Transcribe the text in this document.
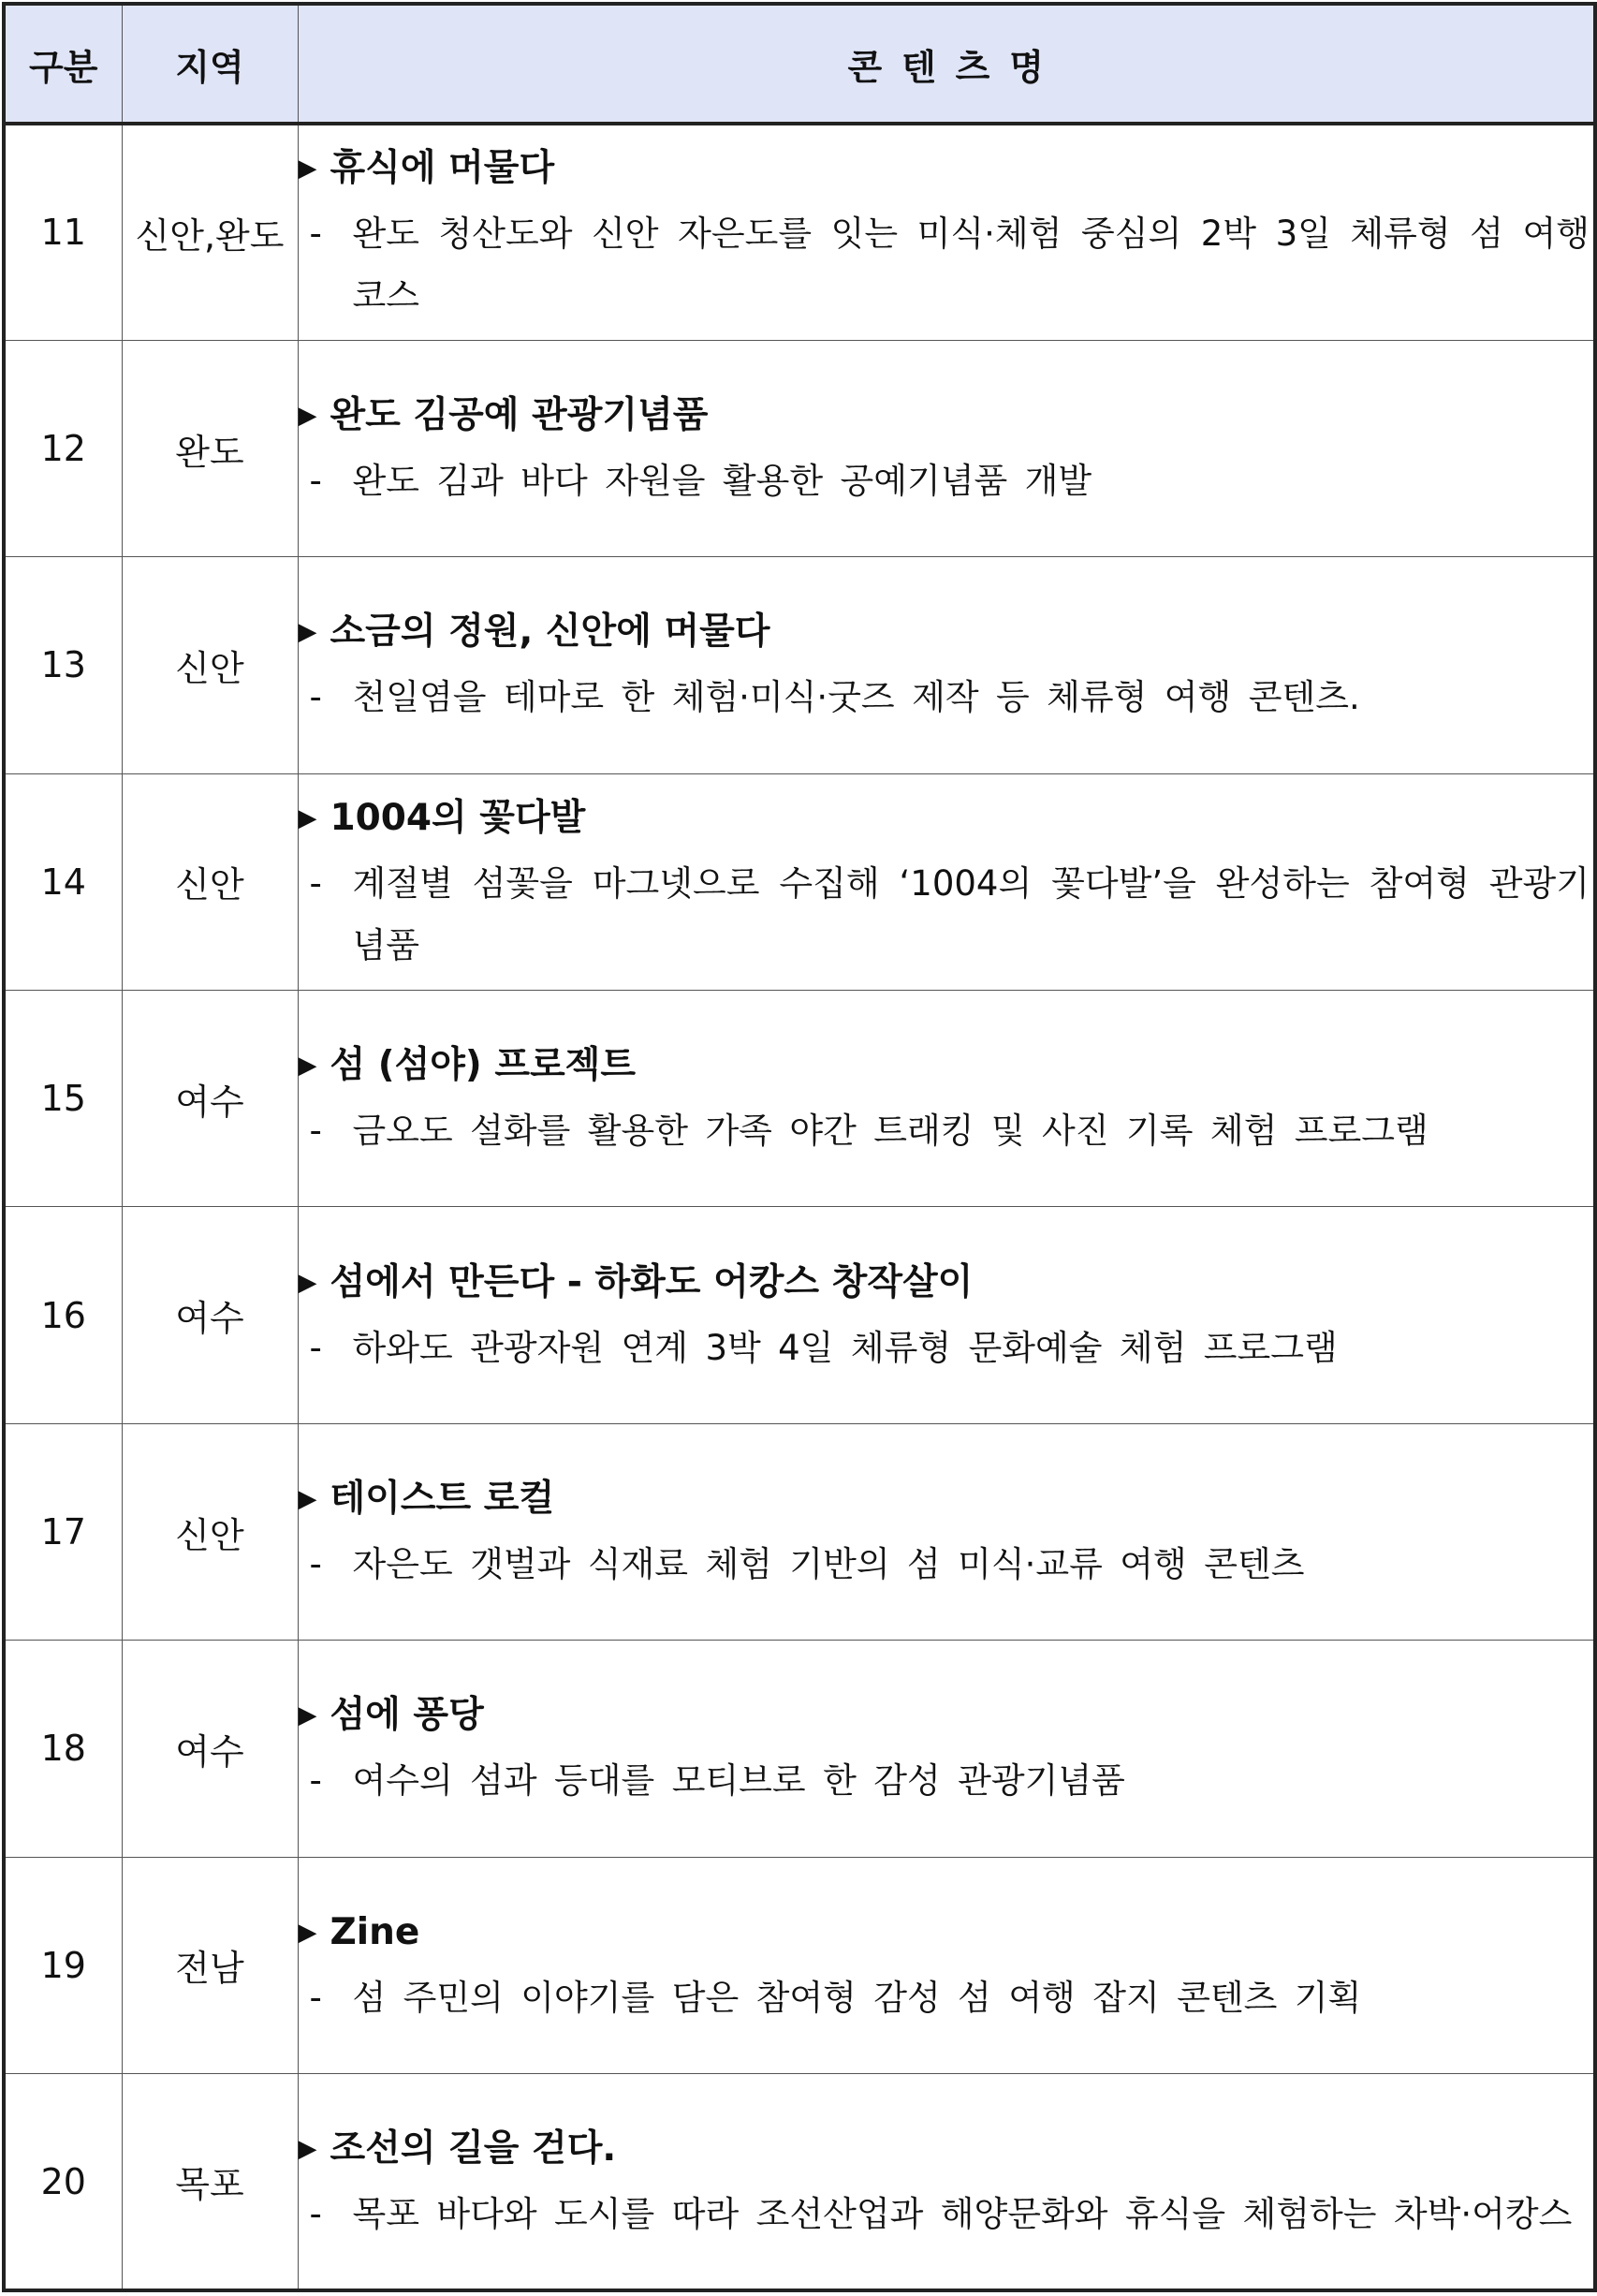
구분	지역	콘텐츠명
11	신안,완도	▶ 휴식에 머물다
- 완도 청산도와 신안 자은도를 잇는 미식·체험 중심의 2박 3일 체류형 섬 여행 코스

12	완도	▶ 완도 김공예 관광기념품
- 완도 김과 바다 자원을 활용한 공예기념품 개발

13	신안	▶ 소금의 정원, 신안에 머물다
- 천일염을 테마로 한 체험·미식·굿즈 제작 등 체류형 여행 콘텐츠.

14	신안	▶ 1004의 꽃다발
- 계절별 섬꽃을 마그넷으로 수집해 ‘1004의 꽃다발’을 완성하는 참여형 관광기념품

15	여수	▶ 섬 (섬야) 프로젝트
- 금오도 설화를 활용한 가족 야간 트래킹 및 사진 기록 체험 프로그램

16	여수	▶ 섬에서 만든다 - 하화도 어캉스 창작살이
- 하와도 관광자원 연계 3박 4일 체류형 문화예술 체험 프로그램

17	신안	▶ 테이스트 로컬
- 자은도 갯벌과 식재료 체험 기반의 섬 미식·교류 여행 콘텐츠

18	여수	▶ 섬에 퐁당
- 여수의 섬과 등대를 모티브로 한 감성 관광기념품

19	전남	▶ Zine
- 섬 주민의 이야기를 담은 참여형 감성 섬 여행 잡지 콘텐츠 기획

20	목포	▶ 조선의 길을 걷다.
- 목포 바다와 도시를 따라 조선산업과 해양문화와 휴식을 체험하는 차박·어캉스
